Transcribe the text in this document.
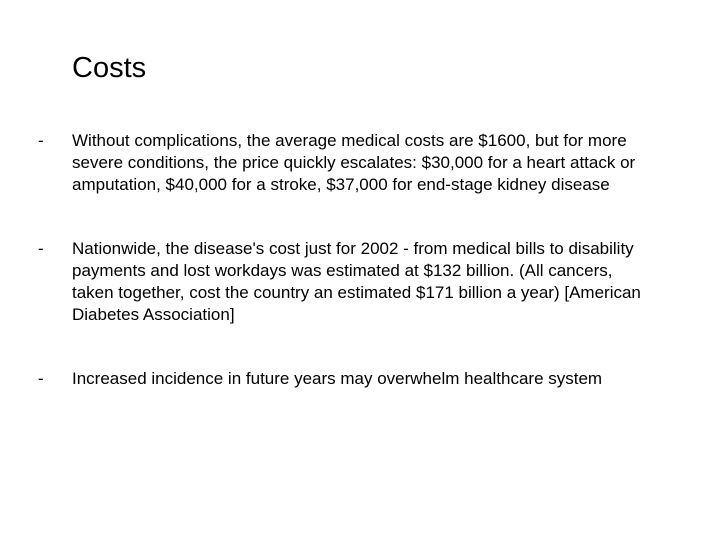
Costs
- Without complications, the average medical costs are $1600, but for more
severe conditions, the price quickly escalates: $30,000 for a heart attack or
amputation, $40,000 for a stroke, $37,000 for end-stage kidney disease
- Nationwide, the disease's cost just for 2002 - from medical bills to disability
payments and lost workdays was estimated at $132 billion. (All cancers,
taken together, cost the country an estimated $171 billion a year) [American
Diabetes Association]
- Increased incidence in future years may overwhelm healthcare system
